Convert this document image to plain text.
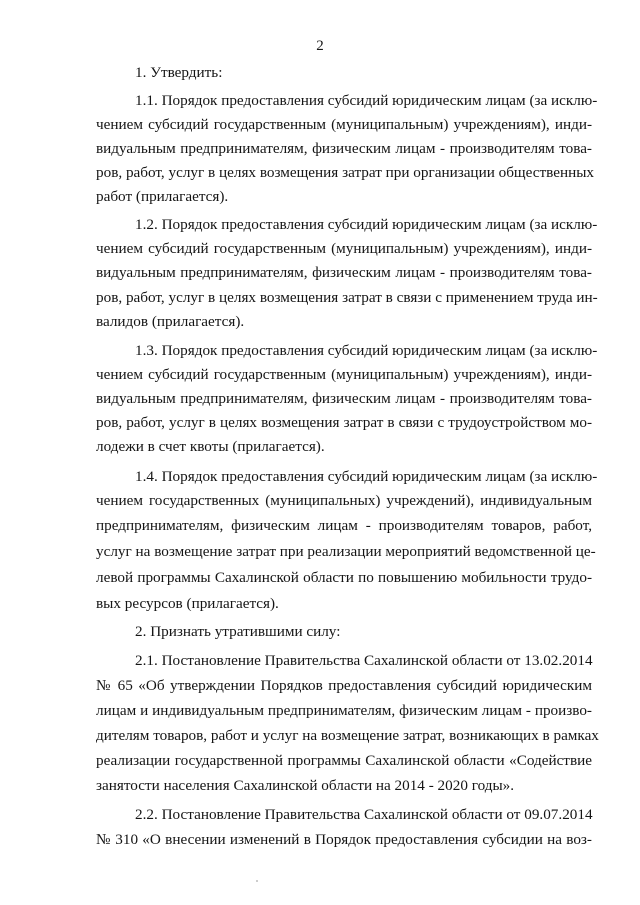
2
1. Утвердить:
1.1. Порядок предоставления субсидий юридическим лицам (за исклю-
чением субсидий государственным (муниципальным) учреждениям), инди-
видуальным предпринимателям, физическим лицам - производителям това-
ров, работ, услуг в целях возмещения затрат при организации общественных
работ (прилагается).
1.2. Порядок предоставления субсидий юридическим лицам (за исклю-
чением субсидий государственным (муниципальным) учреждениям), инди-
видуальным предпринимателям, физическим лицам - производителям това-
ров, работ, услуг в целях возмещения затрат в связи с применением труда ин-
валидов (прилагается).
1.3. Порядок предоставления субсидий юридическим лицам (за исклю-
чением субсидий государственным (муниципальным) учреждениям), инди-
видуальным предпринимателям, физическим лицам - производителям това-
ров, работ, услуг в целях возмещения затрат в связи с трудоустройством мо-
лодежи в счет квоты (прилагается).
1.4. Порядок предоставления субсидий юридическим лицам (за исклю-
чением государственных (муниципальных) учреждений), индивидуальным
предпринимателям, физическим лицам - производителям товаров, работ,
услуг на возмещение затрат при реализации мероприятий ведомственной це-
левой программы Сахалинской области по повышению мобильности трудо-
вых ресурсов (прилагается).
2. Признать утратившими силу:
2.1. Постановление Правительства Сахалинской области от 13.02.2014
№ 65 «Об утверждении Порядков предоставления субсидий юридическим
лицам и индивидуальным предпринимателям, физическим лицам - произво-
дителям товаров, работ и услуг на возмещение затрат, возникающих в рамках
реализации государственной программы Сахалинской области «Содействие
занятости населения Сахалинской области на 2014 - 2020 годы».
2.2. Постановление Правительства Сахалинской области от 09.07.2014
№ 310 «О внесении изменений в Порядок предоставления субсидии на воз-
